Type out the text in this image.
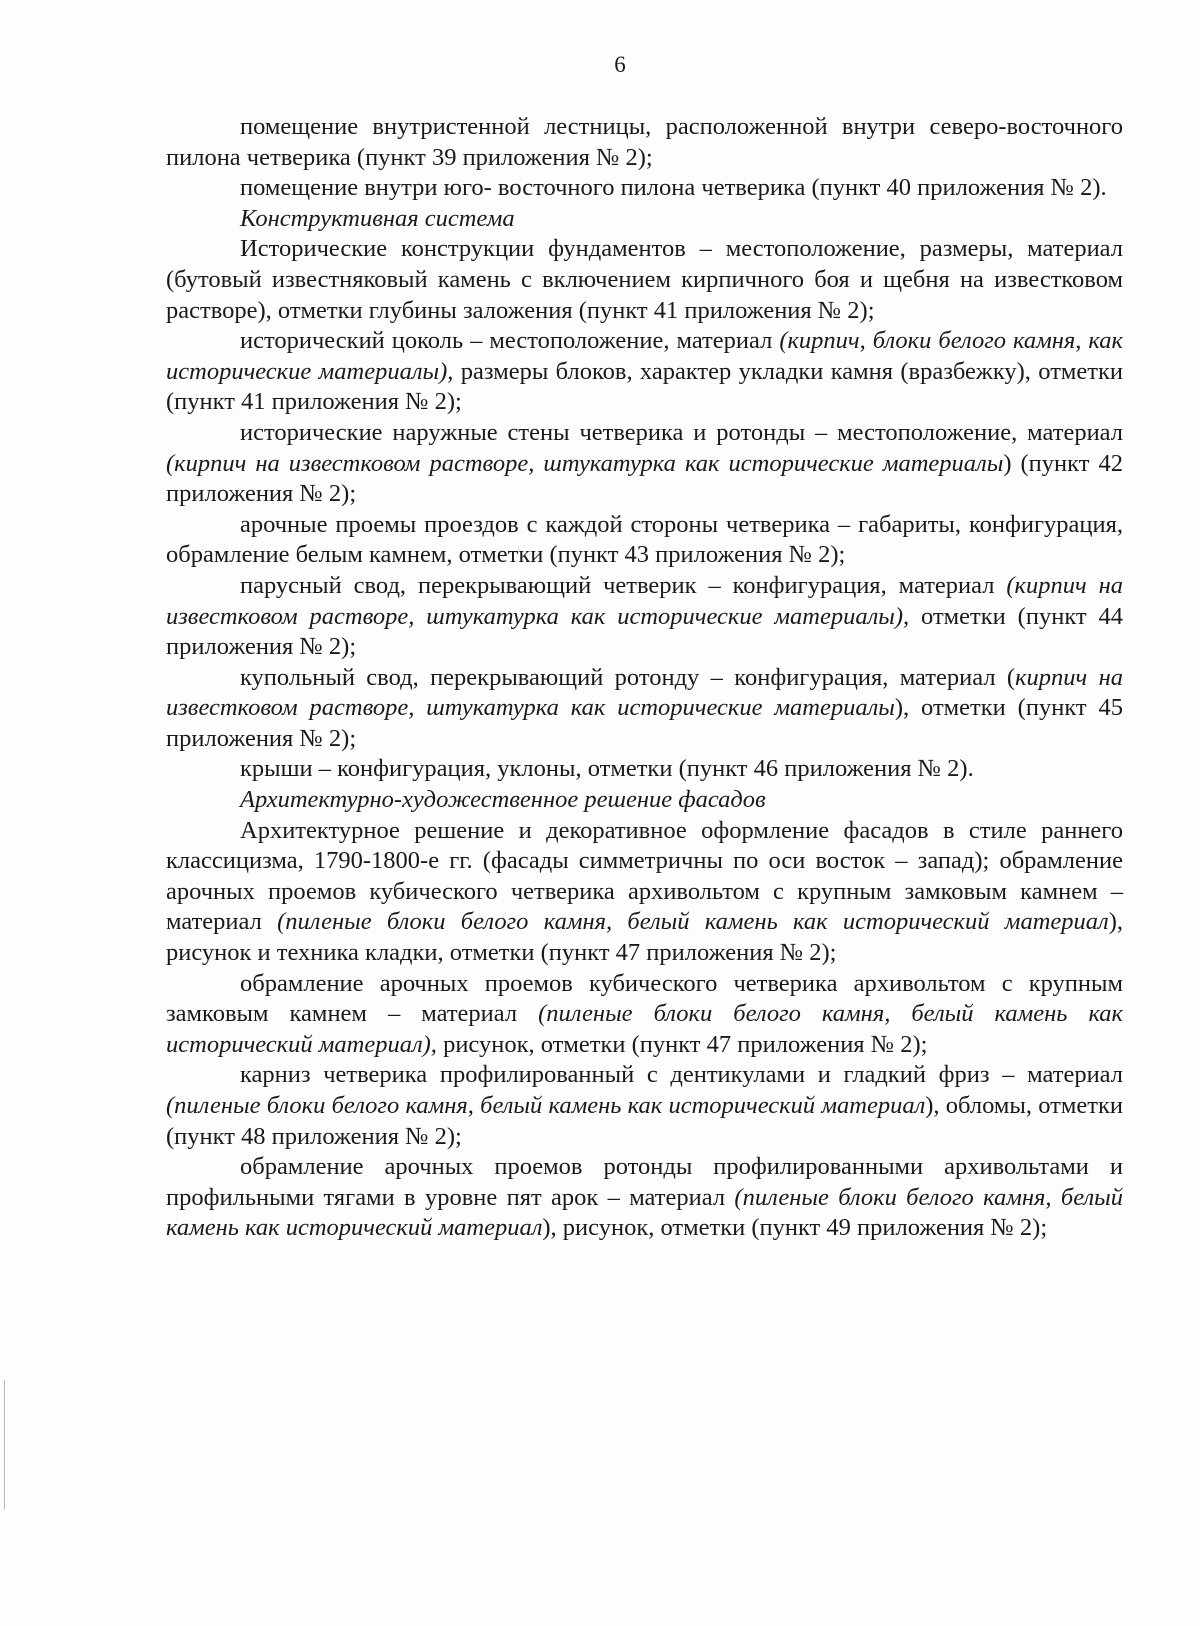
6

помещение внутристенной лестницы, расположенной внутри северо-восточного пилона четверика (пункт 39 приложения № 2);

помещение внутри юго- восточного пилона четверика (пункт 40 приложения № 2).

Конструктивная система

Исторические конструкции фундаментов – местоположение, размеры, материал (бутовый известняковый камень с включением кирпичного боя и щебня на известковом растворе), отметки глубины заложения (пункт 41 приложения № 2);

исторический цоколь – местоположение, материал (кирпич, блоки белого камня, как исторические материалы), размеры блоков, характер укладки камня (вразбежку), отметки (пункт 41 приложения № 2);

исторические наружные стены четверика и ротонды – местоположение, материал (кирпич на известковом растворе, штукатурка как исторические материалы) (пункт 42 приложения № 2);

арочные проемы проездов с каждой стороны четверика – габариты, конфигурация, обрамление белым камнем, отметки (пункт 43 приложения № 2);

парусный свод, перекрывающий четверик – конфигурация, материал (кирпич на известковом растворе, штукатурка как исторические материалы), отметки (пункт 44 приложения № 2);

купольный свод, перекрывающий ротонду – конфигурация, материал (кирпич на известковом растворе, штукатурка как исторические материалы), отметки (пункт 45 приложения № 2);

крыши – конфигурация, уклоны, отметки (пункт 46 приложения № 2).

Архитектурно-художественное решение фасадов

Архитектурное решение и декоративное оформление фасадов в стиле раннего классицизма, 1790-1800-е гг. (фасады симметричны по оси восток – запад); обрамление арочных проемов кубического четверика архивольтом с крупным замковым камнем – материал (пиленые блоки белого камня, белый камень как исторический материал), рисунок и техника кладки, отметки (пункт 47 приложения № 2);

обрамление арочных проемов кубического четверика архивольтом с крупным замковым камнем – материал (пиленые блоки белого камня, белый камень как исторический материал), рисунок, отметки (пункт 47 приложения № 2);

карниз четверика профилированный с дентикулами и гладкий фриз – материал (пиленые блоки белого камня, белый камень как исторический материал), обломы, отметки (пункт 48 приложения № 2);

обрамление арочных проемов ротонды профилированными архивольтами и профильными тягами в уровне пят арок – материал (пиленые блоки белого камня, белый камень как исторический материал), рисунок, отметки (пункт 49 приложения № 2);
